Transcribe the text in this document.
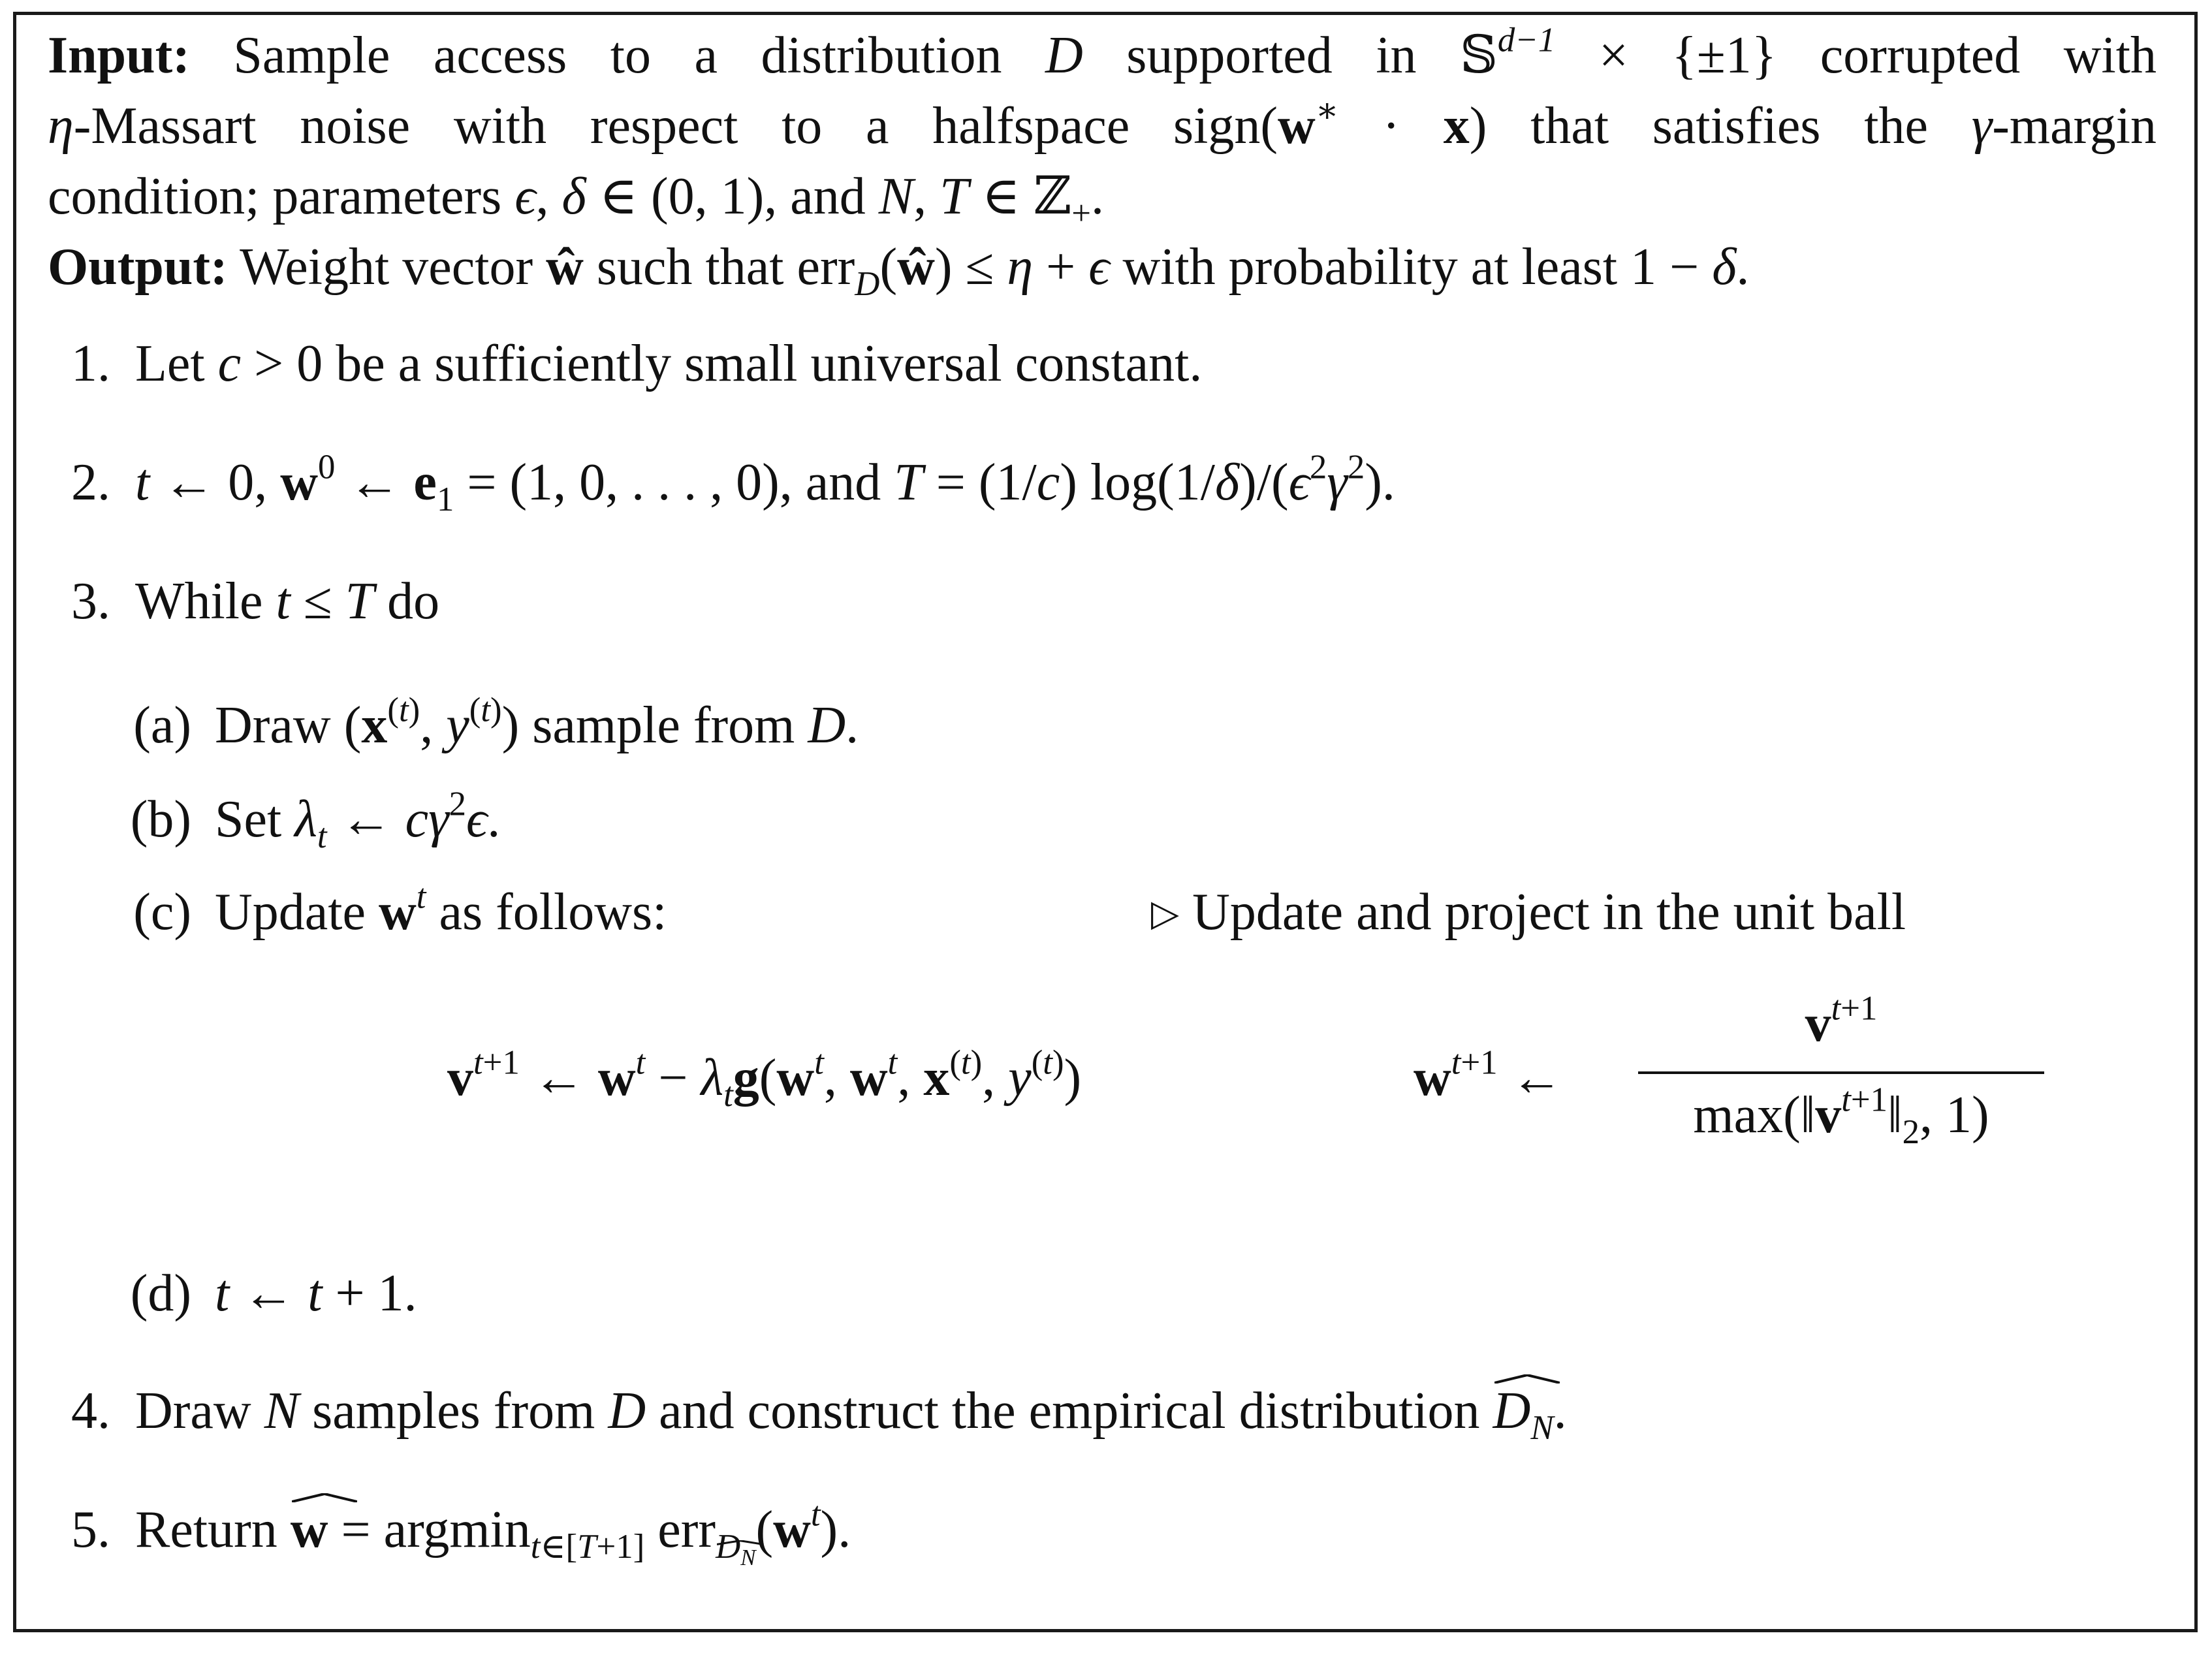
Input: Sample access to a distribution D supported in 𝕊$^{d-1}$ × {±1} corrupted with
η-Massart noise with respect to a halfspace sign(w∗ · x) that satisfies the γ-margin
condition; parameters ϵ, δ ∈ (0, 1), and N, T ∈ ℤ$_+$.
Output: Weight vector ŵ such that err$_D$(ŵ) ≤ η + ϵ with probability at least 1 − δ.
1. Let c > 0 be a sufficiently small universal constant.
2. t ← 0, $w^0$ ← $e_1 = (1$, 0, . . . , 0), and T = (1/c) $\log(1/\delta)/(\epsilon^2\gamma^2)$.
3. While t ≤ T do
(a) Draw ($x^{(t)}$, $y^{(t)}$) sample from D.
(b) Set $\lambda_t$ ← $c\gamma^2\epsilon$.
(c) Update $w^t$ as follows:	▷ Update and project in the unit ball
$v^{t+1}$ ← $w^t - \lambda_tg(w^t$, $w^t$, $x^{(t)}$, $y^{(t)}$)	$w^{t+1}$ ←
$v^{t+1}$
$\max(‖v^{t+1}‖_2$, 1)
(d) t ← t + 1.
4. Draw N samples from D and construct the empirical distribution
$D_N$.
5. Return
w = argmin$_{t\in[T+1]}$ err
$_{D_N}(w^t)$.
